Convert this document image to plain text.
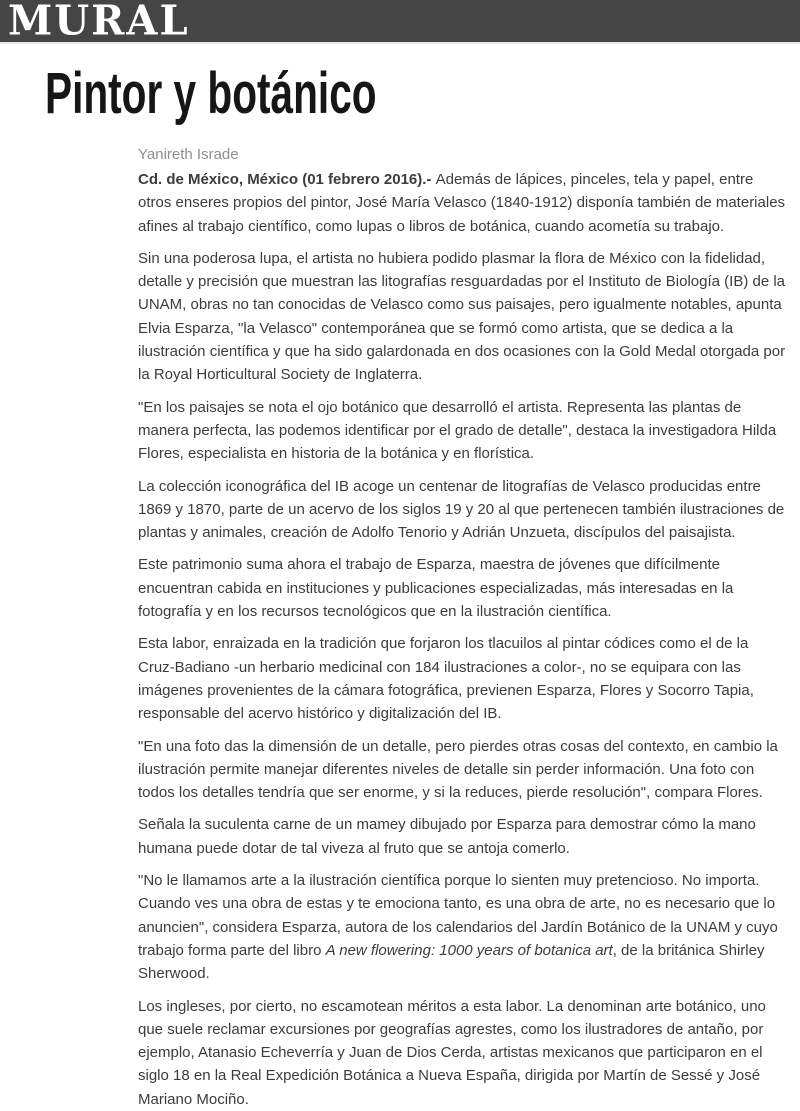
MURAL
Pintor y botánico

Yanireth Israde

Cd. de México, México (01 febrero 2016).- Además de lápices, pinceles, tela y papel, entre otros enseres propios del pintor, José María Velasco (1840-1912) disponía también de materiales afines al trabajo científico, como lupas o libros de botánica, cuando acometía su trabajo.

Sin una poderosa lupa, el artista no hubiera podido plasmar la flora de México con la fidelidad, detalle y precisión que muestran las litografías resguardadas por el Instituto de Biología (IB) de la UNAM, obras no tan conocidas de Velasco como sus paisajes, pero igualmente notables, apunta Elvia Esparza, "la Velasco" contemporánea que se formó como artista, que se dedica a la ilustración científica y que ha sido galardonada en dos ocasiones con la Gold Medal otorgada por la Royal Horticultural Society de Inglaterra.

"En los paisajes se nota el ojo botánico que desarrolló el artista. Representa las plantas de manera perfecta, las podemos identificar por el grado de detalle", destaca la investigadora Hilda Flores, especialista en historia de la botánica y en florística.

La colección iconográfica del IB acoge un centenar de litografías de Velasco producidas entre 1869 y 1870, parte de un acervo de los siglos 19 y 20 al que pertenecen también ilustraciones de plantas y animales, creación de Adolfo Tenorio y Adrián Unzueta, discípulos del paisajista.

Este patrimonio suma ahora el trabajo de Esparza, maestra de jóvenes que difícilmente encuentran cabida en instituciones y publicaciones especializadas, más interesadas en la fotografía y en los recursos tecnológicos que en la ilustración científica.

Esta labor, enraizada en la tradición que forjaron los tlacuilos al pintar códices como el de la Cruz-Badiano -un herbario medicinal con 184 ilustraciones a color-, no se equipara con las imágenes provenientes de la cámara fotográfica, previenen Esparza, Flores y Socorro Tapia, responsable del acervo histórico y digitalización del IB.

"En una foto das la dimensión de un detalle, pero pierdes otras cosas del contexto, en cambio la ilustración permite manejar diferentes niveles de detalle sin perder información. Una foto con todos los detalles tendría que ser enorme, y si la reduces, pierde resolución", compara Flores.

Señala la suculenta carne de un mamey dibujado por Esparza para demostrar cómo la mano humana puede dotar de tal viveza al fruto que se antoja comerlo.

"No le llamamos arte a la ilustración científica porque lo sienten muy pretencioso. No importa. Cuando ves una obra de estas y te emociona tanto, es una obra de arte, no es necesario que lo anuncien", considera Esparza, autora de los calendarios del Jardín Botánico de la UNAM y cuyo trabajo forma parte del libro A new flowering: 1000 years of botanica art, de la británica Shirley Sherwood.

Los ingleses, por cierto, no escamotean méritos a esta labor. La denominan arte botánico, uno que suele reclamar excursiones por geografías agrestes, como los ilustradores de antaño, por ejemplo, Atanasio Echeverría y Juan de Dios Cerda, artistas mexicanos que participaron en el siglo 18 en la Real Expedición Botánica a Nueva España, dirigida por Martín de Sessé y José Mariano Mociño.
